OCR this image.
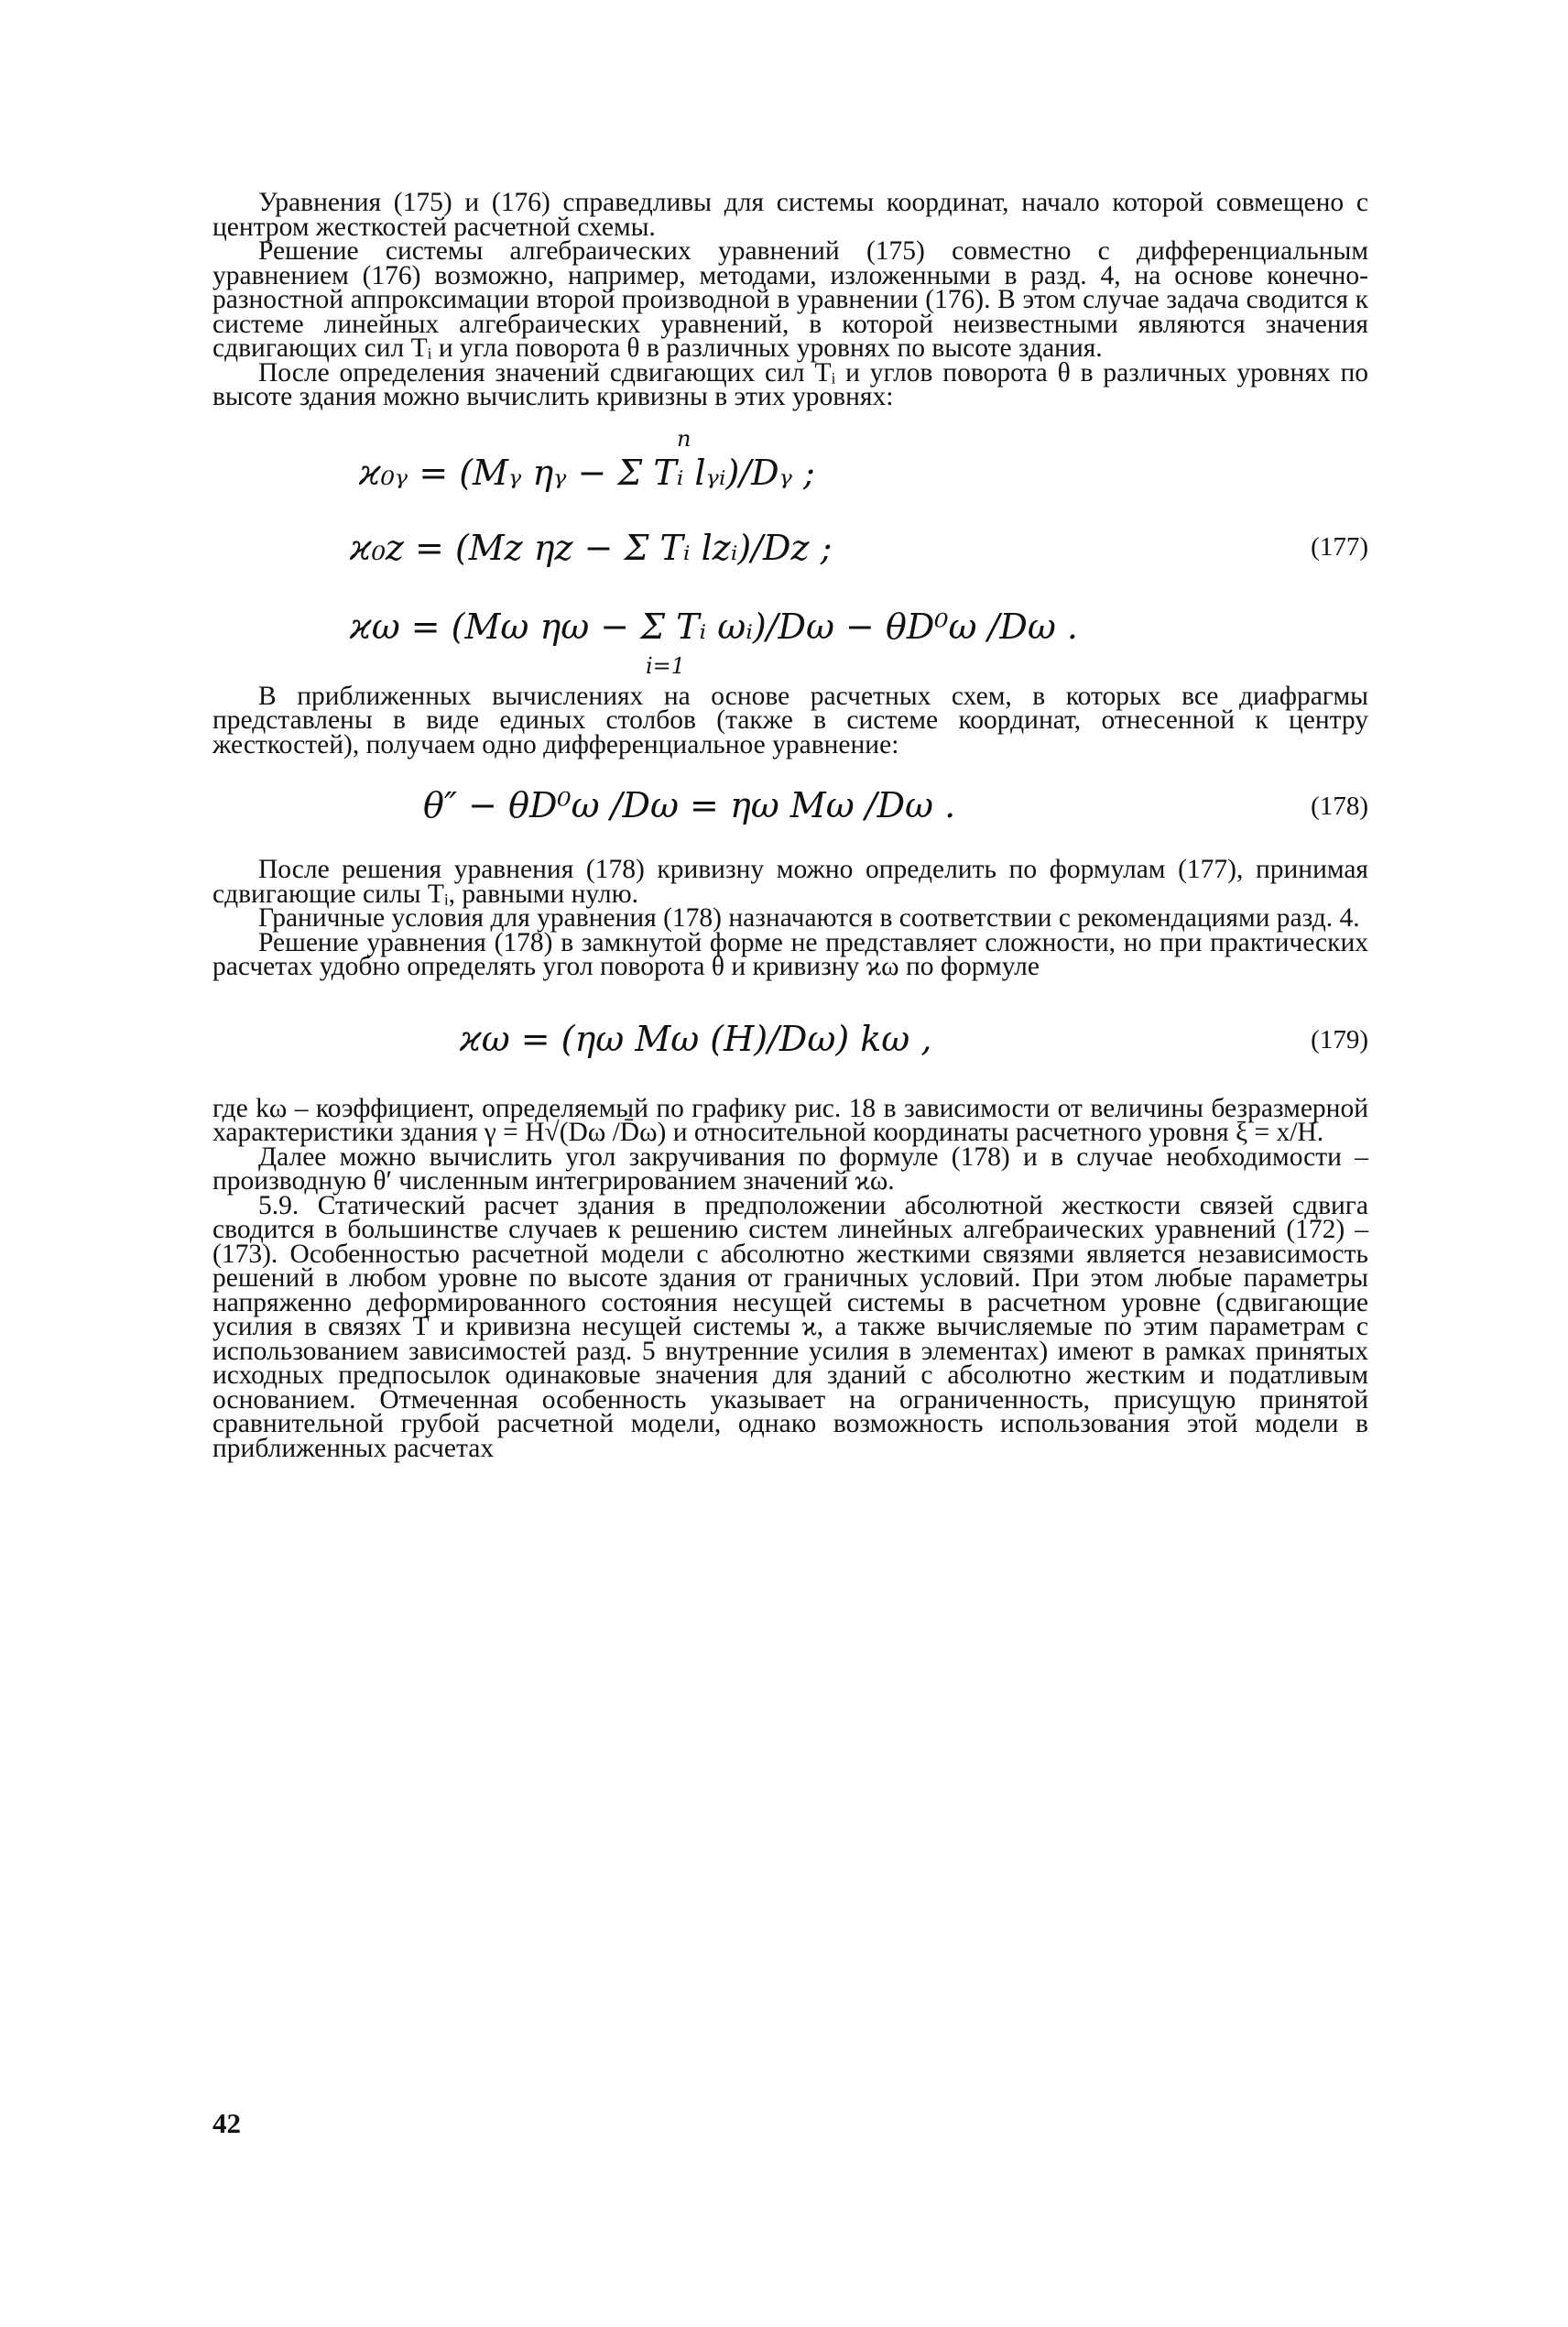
Уравнения (175) и (176) справедливы для системы координат, начало которой совмещено с центром жесткостей расчетной схемы.

Решение системы алгебраических уравнений (175) совместно с дифференциальным уравнением (176) возможно, например, методами, изложенными в разд. 4, на основе конечно-разностной аппроксимации второй производной в уравнении (176). В этом случае задача сводится к системе линейных алгебраических уравнений, в которой неизвестными являются значения сдвигающих сил Tᵢ и угла поворота θ в различных уровнях по высоте здания.

После определения значений сдвигающих сил Tᵢ и углов поворота θ в различных уровнях по высоте здания можно вычислить кривизны в этих уровнях:

ϰ₀ᵧ = (Mᵧ ηᵧ − Σ Tᵢ lᵧᵢ)/Dᵧ ;
ϰ₀z = (Mz ηz − Σ Tᵢ lzᵢ)/Dz ;
ϰω = (Mω ηω − Σ Tᵢ ωᵢ)/Dω − θD⁰ω /Dω .
(177)
n
i=1

В приближенных вычислениях на основе расчетных схем, в которых все диафрагмы представлены в виде единых столбов (также в системе координат, отнесенной к центру жесткостей), получаем одно дифференциальное уравнение:

θ″ − θD⁰ω /Dω = ηω Mω /Dω .	(178)

После решения уравнения (178) кривизну можно определить по формулам (177), принимая сдвигающие силы Tᵢ, равными нулю.

Граничные условия для уравнения (178) назначаются в соответствии с рекомендациями разд. 4.

Решение уравнения (178) в замкнутой форме не представляет сложности, но при практических расчетах удобно определять угол поворота θ и кривизну ϰω по формуле

ϰω = (ηω Mω (H)/Dω) kω ,	(179)

где kω – коэффициент, определяемый по графику рис. 18 в зависимости от величины безразмерной характеристики здания γ = H√(Dω /D̄ω) и относительной координаты расчетного уровня ξ = x/H.

Далее можно вычислить угол закручивания по формуле (178) и в случае необходимости – производную θ′ численным интегрированием значений ϰω.

5.9. Статический расчет здания в предположении абсолютной жесткости связей сдвига сводится в большинстве случаев к решению систем линейных алгебраических уравнений (172) – (173). Особенностью расчетной модели с абсолютно жесткими связями является независимость решений в любом уровне по высоте здания от граничных условий. При этом любые параметры напряженно деформированного состояния несущей системы в расчетном уровне (сдвигающие усилия в связях T и кривизна несущей системы ϰ, а также вычисляемые по этим параметрам с использованием зависимостей разд. 5 внутренние усилия в элементах) имеют в рамках принятых исходных предпосылок одинаковые значения для зданий с абсолютно жестким и податливым основанием. Отмеченная особенность указывает на ограниченность, присущую принятой сравнительной грубой расчетной модели, однако возможность использования этой модели в приближенных расчетах

42
